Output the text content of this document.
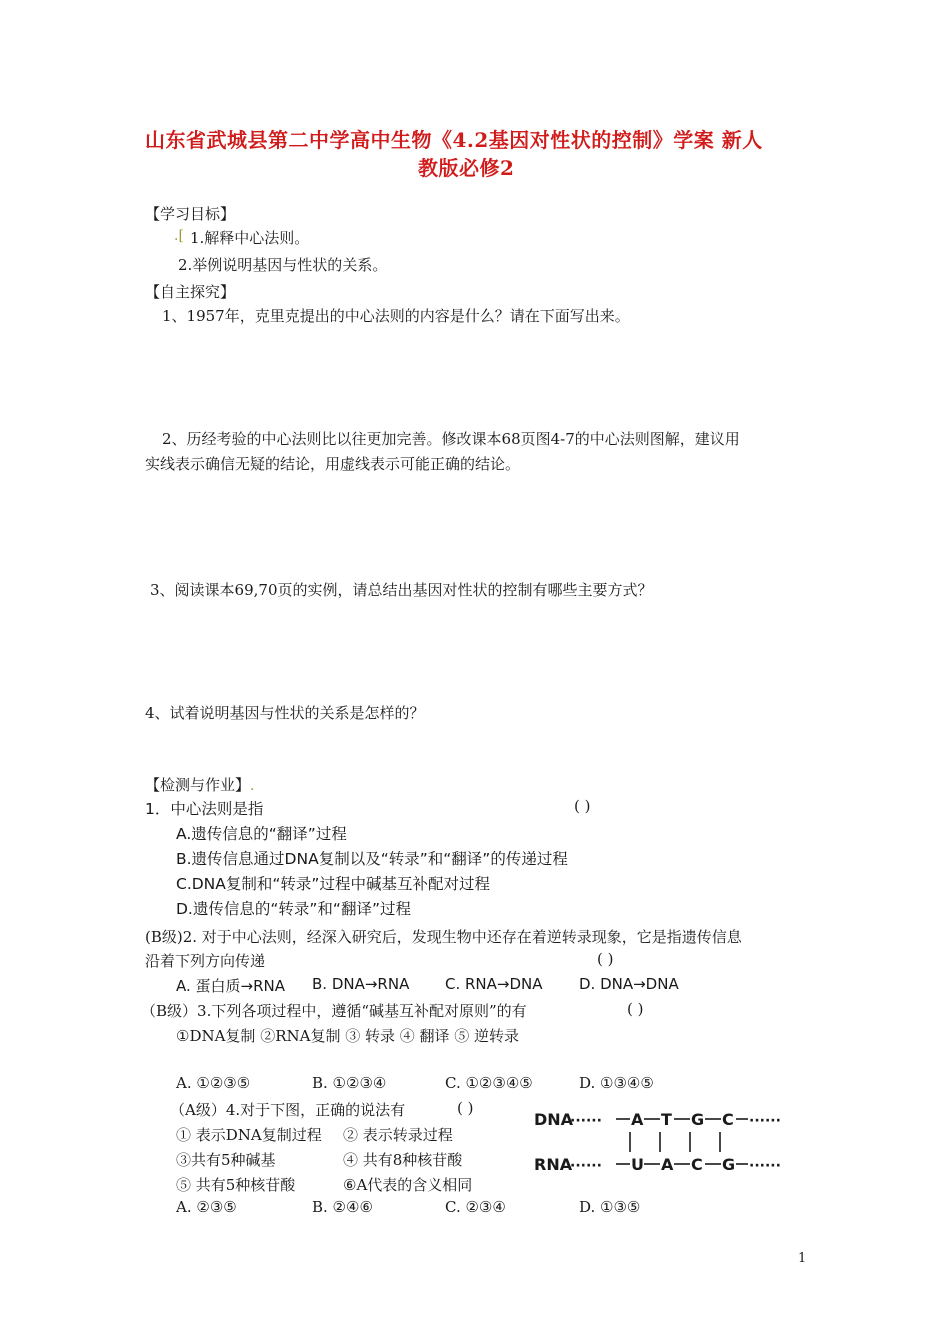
山东省武城县第二中学高中生物《4.2基因对性状的控制》学案 新人
教版必修2
【学习目标】
.[ 1.解释中心法则。
2.举例说明基因与性状的关系。
【自主探究】
1、1957年，克里克提出的中心法则的内容是什么？请在下面写出来。
2、历经考验的中心法则比以往更加完善。修改课本68页图4-7的中心法则图解，建议用
实线表示确信无疑的结论，用虚线表示可能正确的结论。
3、阅读课本69,70页的实例，请总结出基因对性状的控制有哪些主要方式？
4、试着说明基因与性状的关系是怎样的？
【检测与作业】.
1．中心法则是指	( )
A.遗传信息的“翻译”过程
B.遗传信息通过DNA复制以及“转录”和“翻译”的传递过程
C.DNA复制和“转录”过程中碱基互补配对过程
D.遗传信息的“转录”和“翻译”过程
(B级)2. 对于中心法则，经深入研究后，发现生物中还存在着逆转录现象，它是指遗传信息
沿着下列方向传递	( )
A. 蛋白质→RNA B. DNA→RNA C. RNA→DNA D. DNA→DNA
（B级）3.下列各项过程中，遵循“碱基互补配对原则”的有	( )
①DNA复制 ②RNA复制 ③ 转录 ④ 翻译 ⑤ 逆转录
A. ①②③⑤	B. ①②③④	C. ①②③④⑤	D. ①③④⑤
（A级）4.对于下图，正确的说法有	( )
① 表示DNA复制过程 ② 表示转录过程
③共有5种碱基	④ 共有8种核苷酸
⑤ 共有5种核苷酸	⑥A代表的含义相同
A. ②③⑤	B. ②④⑥	C. ②③④	D. ①③⑤
DNA
······ A T G C ······
RNA
······ U A C G ······
1
